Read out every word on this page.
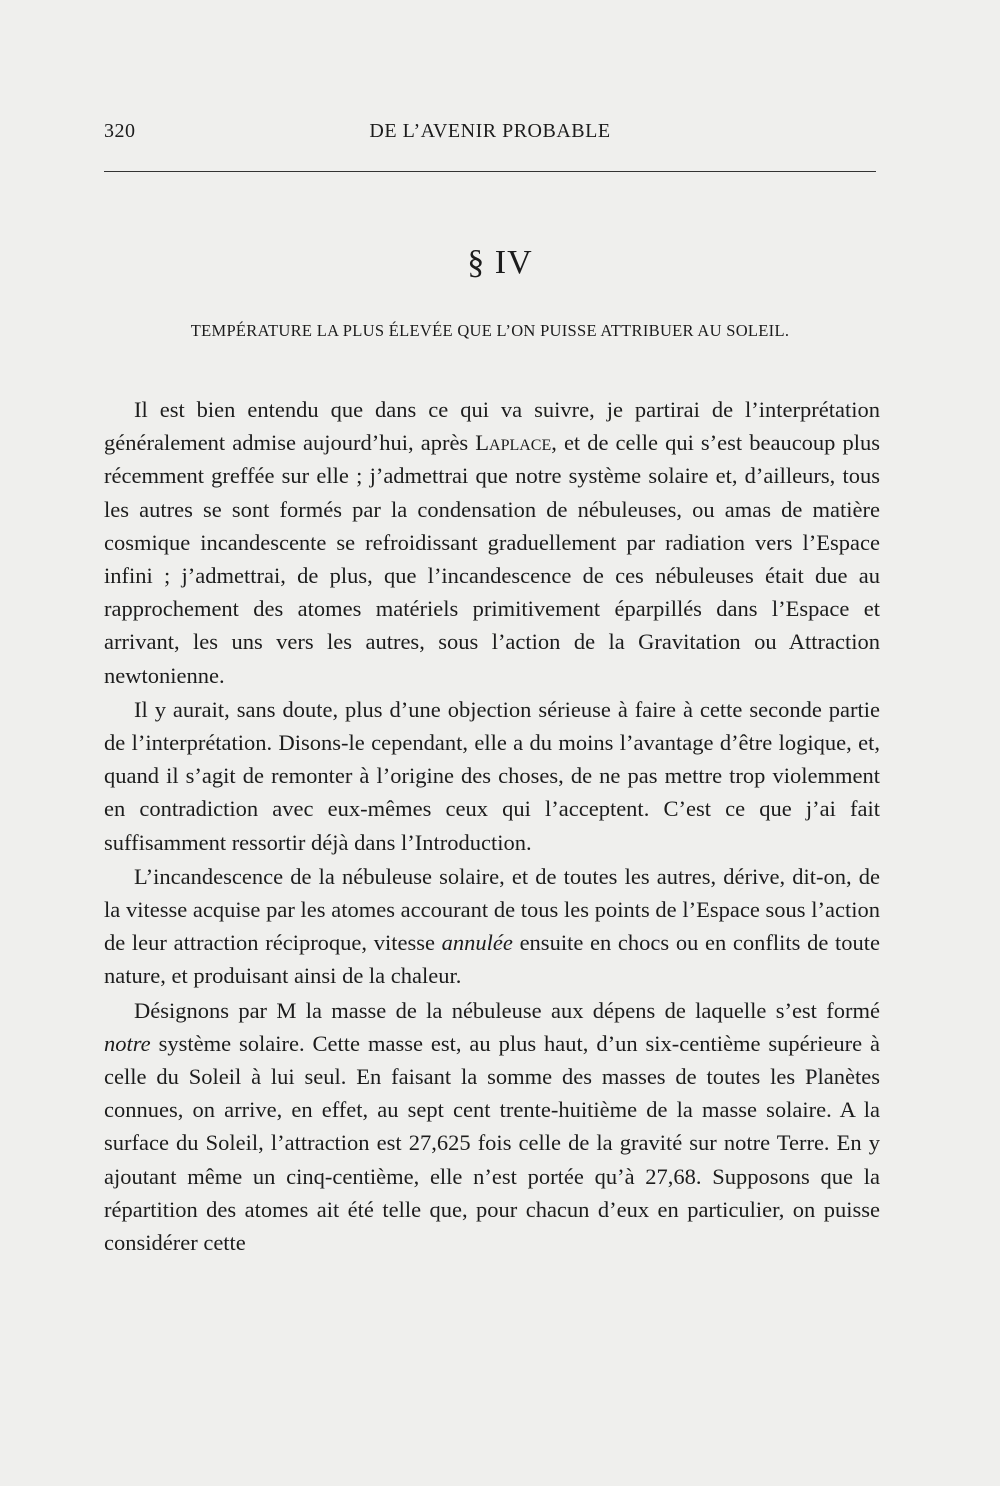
320	DE L’AVENIR PROBABLE
§ IV
TEMPÉRATURE LA PLUS ÉLEVÉE QUE L’ON PUISSE ATTRIBUER AU SOLEIL.

Il est bien entendu que dans ce qui va suivre, je partirai de l’interprétation généralement admise aujourd’hui, après Laplace, et de celle qui s’est beaucoup plus récemment greffée sur elle ; j’admettrai que notre système solaire et, d’ailleurs, tous les autres se sont formés par la condensation de nébuleuses, ou amas de matière cosmique incandescente se refroidissant graduellement par radiation vers l’Espace infini ; j’admettrai, de plus, que l’incandescence de ces nébuleuses était due au rapprochement des atomes matériels primitivement éparpillés dans l’Espace et arrivant, les uns vers les autres, sous l’action de la Gravitation ou Attraction newtonienne.

Il y aurait, sans doute, plus d’une objection sérieuse à faire à cette seconde partie de l’interprétation. Disons-le cependant, elle a du moins l’avantage d’être logique, et, quand il s’agit de remonter à l’origine des choses, de ne pas mettre trop violemment en contradiction avec eux-mêmes ceux qui l’acceptent. C’est ce que j’ai fait suffisamment ressortir déjà dans l’Introduction.

L’incandescence de la nébuleuse solaire, et de toutes les autres, dérive, dit-on, de la vitesse acquise par les atomes accourant de tous les points de l’Espace sous l’action de leur attraction réciproque, vitesse annulée ensuite en chocs ou en conflits de toute nature, et produisant ainsi de la chaleur.

Désignons par M la masse de la nébuleuse aux dépens de laquelle s’est formé notre système solaire. Cette masse est, au plus haut, d’un six-centième supérieure à celle du Soleil à lui seul. En faisant la somme des masses de toutes les Planètes connues, on arrive, en effet, au sept cent trente-huitième de la masse solaire. A la surface du Soleil, l’attraction est 27,625 fois celle de la gravité sur notre Terre. En y ajoutant même un cinq-centième, elle n’est portée qu’à 27,68. Supposons que la répartition des atomes ait été telle que, pour chacun d’eux en particulier, on puisse considérer cette
